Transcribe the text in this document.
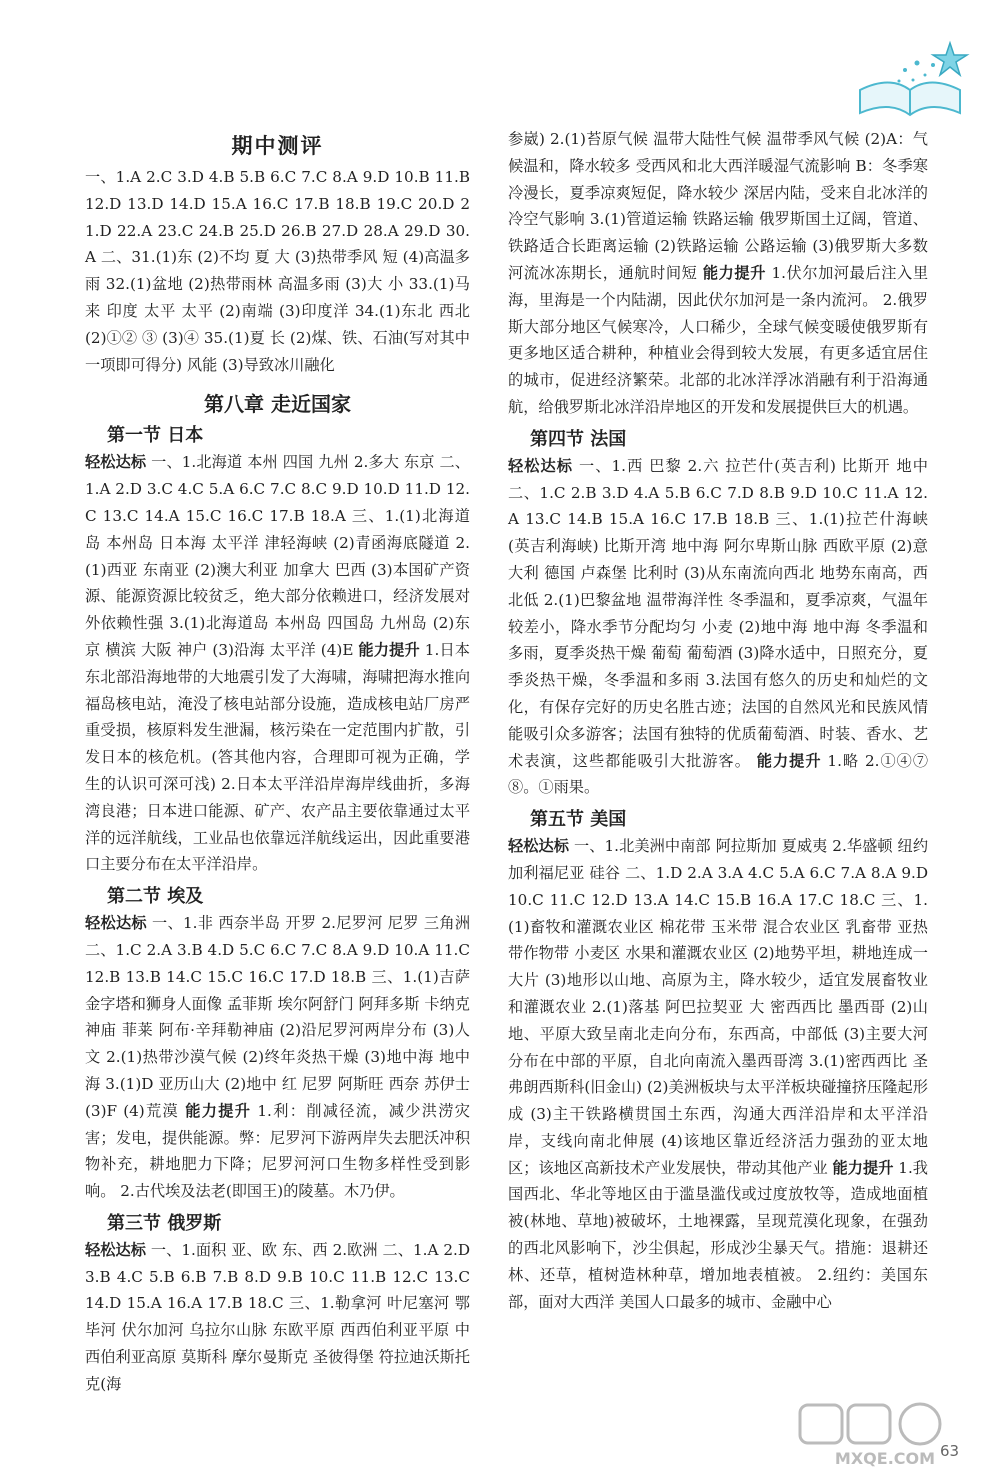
期中测评

一、1.A 2.C 3.D 4.B 5.B 6.C 7.C 8.A 9.D 10.B 11.B 12.D 13.D 14.D 15.A 16.C 17.B 18.B 19.C 20.D 21.D 22.A 23.C 24.B 25.D 26.B 27.D 28.A 29.D 30.A 二、31.(1)东 (2)不均 夏 大 (3)热带季风 短 (4)高温多雨 32.(1)盆地 (2)热带雨林 高温多雨 (3)大 小 33.(1)马来 印度 太平 太平 (2)南端 (3)印度洋 34.(1)东北 西北 (2)①② ③ (3)④ 35.(1)夏 长 (2)煤、铁、石油(写对其中一项即可得分) 风能 (3)导致冰川融化

第八章 走近国家
第一节 日本

轻松达标 一、1.北海道 本州 四国 九州 2.多大 东京 二、1.A 2.D 3.C 4.C 5.A 6.C 7.C 8.C 9.D 10.D 11.D 12.C 13.C 14.A 15.C 16.C 17.B 18.A 三、1.(1)北海道岛 本州岛 日本海 太平洋 津轻海峡 (2)青函海底隧道 2.(1)西亚 东南亚 (2)澳大利亚 加拿大 巴西 (3)本国矿产资源、能源资源比较贫乏，绝大部分依赖进口，经济发展对外依赖性强 3.(1)北海道岛 本州岛 四国岛 九州岛 (2)东京 横滨 大阪 神户 (3)沿海 太平洋 (4)E 能力提升 1.日本东北部沿海地带的大地震引发了大海啸，海啸把海水推向福岛核电站，淹没了核电站部分设施，造成核电站厂房严重受损，核原料发生泄漏，核污染在一定范围内扩散，引发日本的核危机。(答其他内容，合理即可视为正确，学生的认识可深可浅) 2.日本太平洋沿岸海岸线曲折，多海湾良港；日本进口能源、矿产、农产品主要依靠通过太平洋的远洋航线，工业品也依靠远洋航线运出，因此重要港口主要分布在太平洋沿岸。

第二节 埃及

轻松达标 一、1.非 西奈半岛 开罗 2.尼罗河 尼罗 三角洲 二、1.C 2.A 3.B 4.D 5.C 6.C 7.C 8.A 9.D 10.A 11.C 12.B 13.B 14.C 15.C 16.C 17.D 18.B 三、1.(1)吉萨金字塔和狮身人面像 孟菲斯 埃尔阿舒门 阿拜多斯 卡纳克神庙 菲莱 阿布·辛拜勒神庙 (2)沿尼罗河两岸分布 (3)人文 2.(1)热带沙漠气候 (2)终年炎热干燥 (3)地中海 地中海 3.(1)D 亚历山大 (2)地中 红 尼罗 阿斯旺 西奈 苏伊士 (3)F (4)荒漠 能力提升 1.利：削减径流，减少洪涝灾害；发电，提供能源。弊：尼罗河下游两岸失去肥沃冲积物补充，耕地肥力下降；尼罗河河口生物多样性受到影响。 2.古代埃及法老(即国王)的陵墓。木乃伊。

第三节 俄罗斯

轻松达标 一、1.面积 亚、欧 东、西 2.欧洲 二、1.A 2.D 3.B 4.C 5.B 6.B 7.B 8.D 9.B 10.C 11.B 12.C 13.C 14.D 15.A 16.A 17.B 18.C 三、1.勒拿河 叶尼塞河 鄂毕河 伏尔加河 乌拉尔山脉 东欧平原 西西伯利亚平原 中西伯利亚高原 莫斯科 摩尔曼斯克 圣彼得堡 符拉迪沃斯托克(海

参崴) 2.(1)苔原气候 温带大陆性气候 温带季风气候 (2)A：气候温和，降水较多 受西风和北大西洋暖湿气流影响 B：冬季寒冷漫长，夏季凉爽短促，降水较少 深居内陆，受来自北冰洋的冷空气影响 3.(1)管道运输 铁路运输 俄罗斯国土辽阔，管道、铁路适合长距离运输 (2)铁路运输 公路运输 (3)俄罗斯大多数河流冰冻期长，通航时间短 能力提升 1.伏尔加河最后注入里海，里海是一个内陆湖，因此伏尔加河是一条内流河。 2.俄罗斯大部分地区气候寒冷，人口稀少，全球气候变暖使俄罗斯有更多地区适合耕种，种植业会得到较大发展，有更多适宜居住的城市，促进经济繁荣。北部的北冰洋浮冰消融有利于沿海通航，给俄罗斯北冰洋沿岸地区的开发和发展提供巨大的机遇。

第四节 法国

轻松达标 一、1.西 巴黎 2.六 拉芒什(英吉利) 比斯开 地中 二、1.C 2.B 3.D 4.A 5.B 6.C 7.D 8.B 9.D 10.C 11.A 12.A 13.C 14.B 15.A 16.C 17.B 18.B 三、1.(1)拉芒什海峡(英吉利海峡) 比斯开湾 地中海 阿尔卑斯山脉 西欧平原 (2)意大利 德国 卢森堡 比利时 (3)从东南流向西北 地势东南高，西北低 2.(1)巴黎盆地 温带海洋性 冬季温和，夏季凉爽，气温年较差小，降水季节分配均匀 小麦 (2)地中海 地中海 冬季温和多雨，夏季炎热干燥 葡萄 葡萄酒 (3)降水适中，日照充分，夏季炎热干燥，冬季温和多雨 3.法国有悠久的历史和灿烂的文化，有保存完好的历史名胜古迹；法国的自然风光和民族风情能吸引众多游客；法国有独特的优质葡萄酒、时装、香水、艺术表演，这些都能吸引大批游客。 能力提升 1.略 2.①④⑦⑧。①雨果。

第五节 美国

轻松达标 一、1.北美洲中南部 阿拉斯加 夏威夷 2.华盛顿 纽约 加利福尼亚 硅谷 二、1.D 2.A 3.A 4.C 5.A 6.C 7.A 8.A 9.D 10.C 11.C 12.D 13.A 14.C 15.B 16.A 17.C 18.C 三、1.(1)畜牧和灌溉农业区 棉花带 玉米带 混合农业区 乳畜带 亚热带作物带 小麦区 水果和灌溉农业区 (2)地势平坦，耕地连成一大片 (3)地形以山地、高原为主，降水较少，适宜发展畜牧业和灌溉农业 2.(1)落基 阿巴拉契亚 大 密西西比 墨西哥 (2)山地、平原大致呈南北走向分布，东西高，中部低 (3)主要大河分布在中部的平原，自北向南流入墨西哥湾 3.(1)密西西比 圣弗朗西斯科(旧金山) (2)美洲板块与太平洋板块碰撞挤压隆起形成 (3)主干铁路横贯国土东西，沟通大西洋沿岸和太平洋沿岸，支线向南北伸展 (4)该地区靠近经济活力强劲的亚太地区；该地区高新技术产业发展快，带动其他产业 能力提升 1.我国西北、华北等地区由于滥垦滥伐或过度放牧等，造成地面植被(林地、草地)被破坏，土地裸露，呈现荒漠化现象，在强劲的西北风影响下，沙尘俱起，形成沙尘暴天气。措施：退耕还林、还草，植树造林种草，增加地表植被。 2.纽约：美国东部，面对大西洋 美国人口最多的城市、金融中心

MXQE.COM 63
